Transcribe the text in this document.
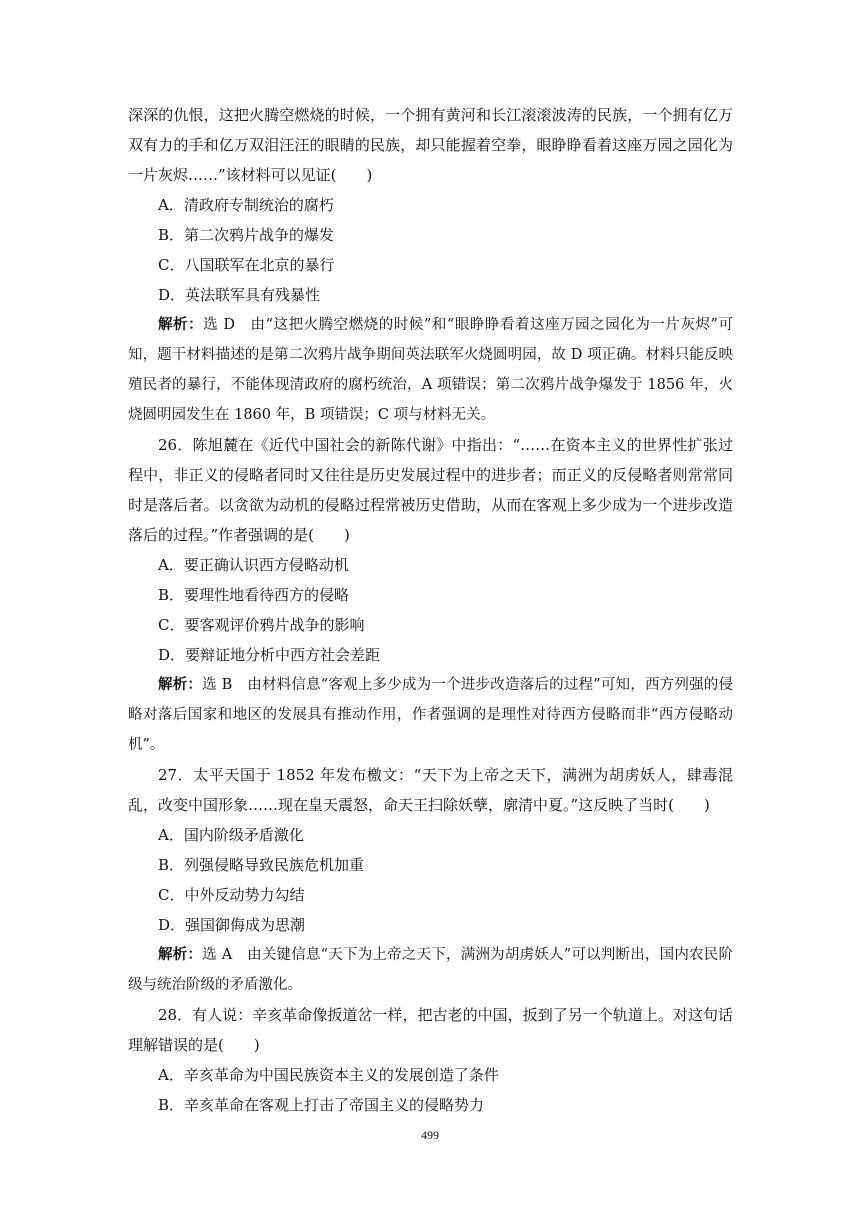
深深的仇恨，这把火腾空燃烧的时候，一个拥有黄河和长江滚滚波涛的民族，一个拥有亿万双有力的手和亿万双泪汪汪的眼睛的民族，却只能握着空拳，眼睁睁看着这座万园之园化为一片灰烬……”该材料可以见证(　　)

A．清政府专制统治的腐朽

B．第二次鸦片战争的爆发

C．八国联军在北京的暴行

D．英法联军具有残暴性

解析：选 D　由“这把火腾空燃烧的时候”和“眼睁睁看着这座万园之园化为一片灰烬”可知，题干材料描述的是第二次鸦片战争期间英法联军火烧圆明园，故 D 项正确。材料只能反映殖民者的暴行，不能体现清政府的腐朽统治，A 项错误；第二次鸦片战争爆发于 1856 年，火烧圆明园发生在 1860 年，B 项错误；C 项与材料无关。

26．陈旭麓在《近代中国社会的新陈代谢》中指出：“……在资本主义的世界性扩张过程中，非正义的侵略者同时又往往是历史发展过程中的进步者；而正义的反侵略者则常常同时是落后者。以贪欲为动机的侵略过程常被历史借助，从而在客观上多少成为一个进步改造落后的过程。”作者强调的是(　　)

A．要正确认识西方侵略动机

B．要理性地看待西方的侵略

C．要客观评价鸦片战争的影响

D．要辩证地分析中西方社会差距

解析：选 B　由材料信息“客观上多少成为一个进步改造落后的过程”可知，西方列强的侵略对落后国家和地区的发展具有推动作用，作者强调的是理性对待西方侵略而非“西方侵略动机”。

27．太平天国于 1852 年发布檄文：“天下为上帝之天下，满洲为胡虏妖人，肆毒混乱，改变中国形象……现在皇天震怒，命天王扫除妖孽，廓清中夏。”这反映了当时(　　)

A．国内阶级矛盾激化

B．列强侵略导致民族危机加重

C．中外反动势力勾结

D．强国御侮成为思潮

解析：选 A　由关键信息“天下为上帝之天下，满洲为胡虏妖人”可以判断出，国内农民阶级与统治阶级的矛盾激化。

28．有人说：辛亥革命像扳道岔一样，把古老的中国，扳到了另一个轨道上。对这句话理解错误的是(　　)

A．辛亥革命为中国民族资本主义的发展创造了条件

B．辛亥革命在客观上打击了帝国主义的侵略势力

499
